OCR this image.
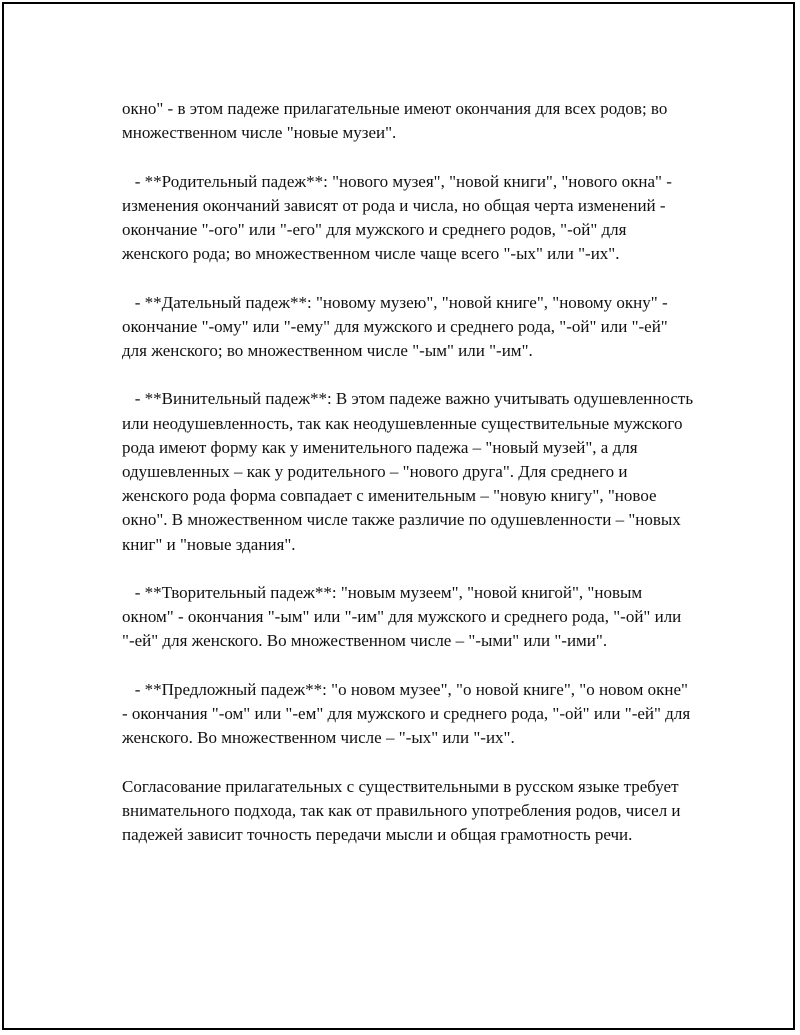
окно" - в этом падеже прилагательные имеют окончания для всех родов; во множественном числе "новые музеи".

- **Родительный падеж**: "нового музея", "новой книги", "нового окна" - изменения окончаний зависят от рода и числа, но общая черта изменений - окончание "-ого" или "-его" для мужского и среднего родов, "-ой" для женского рода; во множественном числе чаще всего "-ых" или "-их".

- **Дательный падеж**: "новому музею", "новой книге", "новому окну" - окончание "-ому" или "-ему" для мужского и среднего рода, "-ой" или "-ей" для женского; во множественном числе "-ым" или "-им".

- **Винительный падеж**: В этом падеже важно учитывать одушевленность или неодушевленность, так как неодушевленные существительные мужского рода имеют форму как у именительного падежа – "новый музей", а для одушевленных – как у родительного – "нового друга". Для среднего и женского рода форма совпадает с именительным – "новую книгу", "новое окно". В множественном числе также различие по одушевленности – "новых книг" и "новые здания".

- **Творительный падеж**: "новым музеем", "новой книгой", "новым окном" - окончания "-ым" или "-им" для мужского и среднего рода, "-ой" или "-ей" для женского. Во множественном числе – "-ыми" или "-ими".

- **Предложный падеж**: "о новом музее", "о новой книге", "о новом окне" - окончания "-ом" или "-ем" для мужского и среднего рода, "-ой" или "-ей" для женского. Во множественном числе – "-ых" или "-их".

Согласование прилагательных с существительными в русском языке требует внимательного подхода, так как от правильного употребления родов, чисел и падежей зависит точность передачи мысли и общая грамотность речи.
